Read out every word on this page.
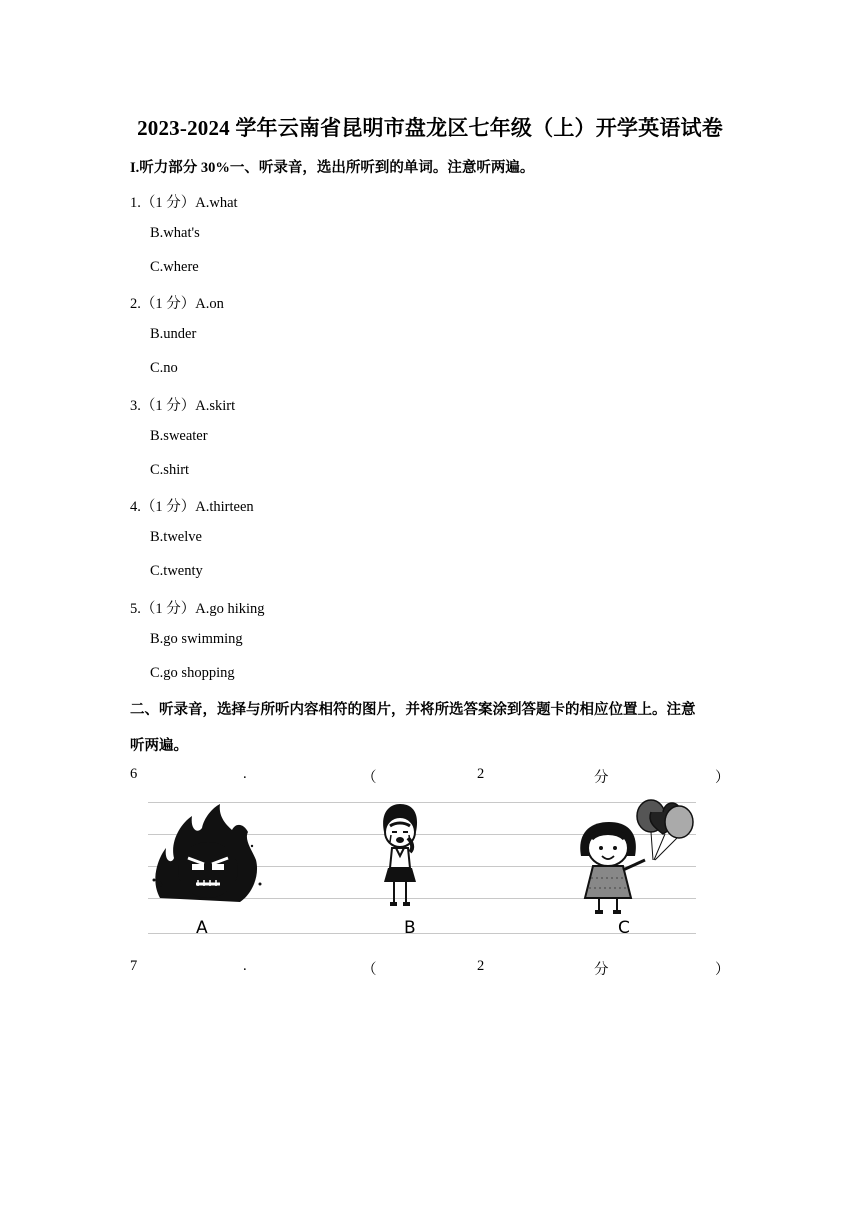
2023-2024 学年云南省昆明市盘龙区七年级（上）开学英语试卷
I.听力部分 30%一、听录音，选出所听到的单词。注意听两遍。
1.（1 分）A.what
B.what's
C.where
2.（1 分）A.on
B.under
C.no
3.（1 分）A.skirt
B.sweater
C.shirt
4.（1 分）A.thirteen
B.twelve
C.twenty
5.（1 分）A.go hiking
B.go swimming
C.go shopping
二、听录音，选择与所听内容相符的图片，并将所选答案涂到答题卡的相应位置上。注意
听两遍。
6	.	（	2	分	）
A	B	C
7	.	（	2	分	）
